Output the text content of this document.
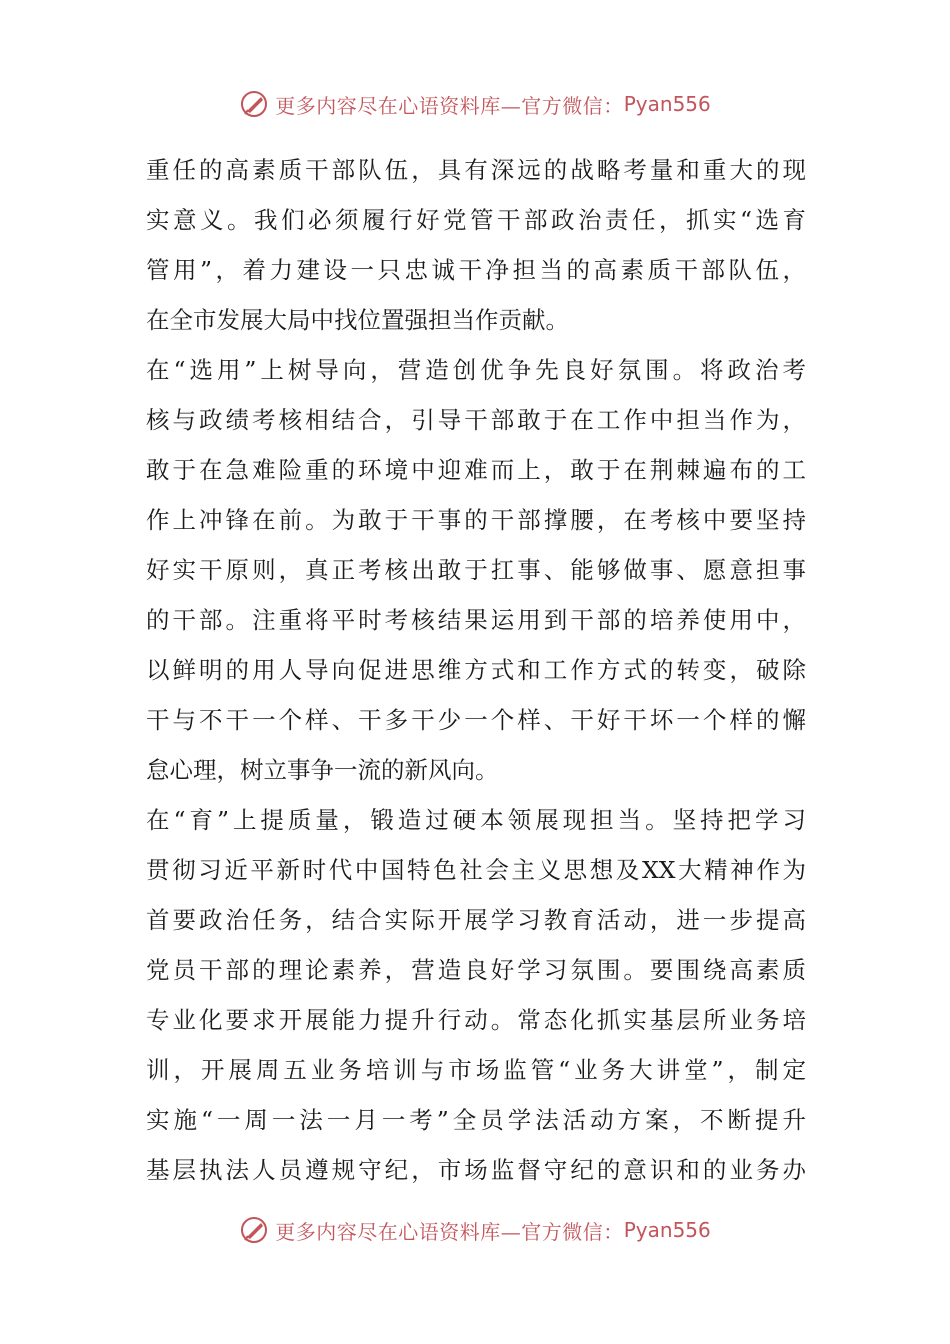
更多内容尽在心语资料库—官方微信： Pyan556
重任的高素质干部队伍，具有深远的战略考量和重大的现
实意义。我们必须履行好党管干部政治责任，抓实“选育
管用”，着力建设一只忠诚干净担当的高素质干部队伍，
在全市发展大局中找位置强担当作贡献。
在“选用”上树导向，营造创优争先良好氛围。将政治考
核与政绩考核相结合，引导干部敢于在工作中担当作为，
敢于在急难险重的环境中迎难而上，敢于在荆棘遍布的工
作上冲锋在前。为敢于干事的干部撑腰，在考核中要坚持
好实干原则，真正考核出敢于扛事、能够做事、愿意担事
的干部。注重将平时考核结果运用到干部的培养使用中，
以鲜明的用人导向促进思维方式和工作方式的转变，破除
干与不干一个样、干多干少一个样、干好干坏一个样的懈
怠心理，树立事争一流的新风向。
在“育”上提质量，锻造过硬本领展现担当。坚持把学习
贯彻习近平新时代中国特色社会主义思想及XX大精神作为
首要政治任务，结合实际开展学习教育活动，进一步提高
党员干部的理论素养，营造良好学习氛围。要围绕高素质
专业化要求开展能力提升行动。常态化抓实基层所业务培
训，开展周五业务培训与市场监管“业务大讲堂”，制定
实施“一周一法一月一考”全员学法活动方案，不断提升
基层执法人员遵规守纪，市场监督守纪的意识和的业务办
更多内容尽在心语资料库—官方微信： Pyan556
